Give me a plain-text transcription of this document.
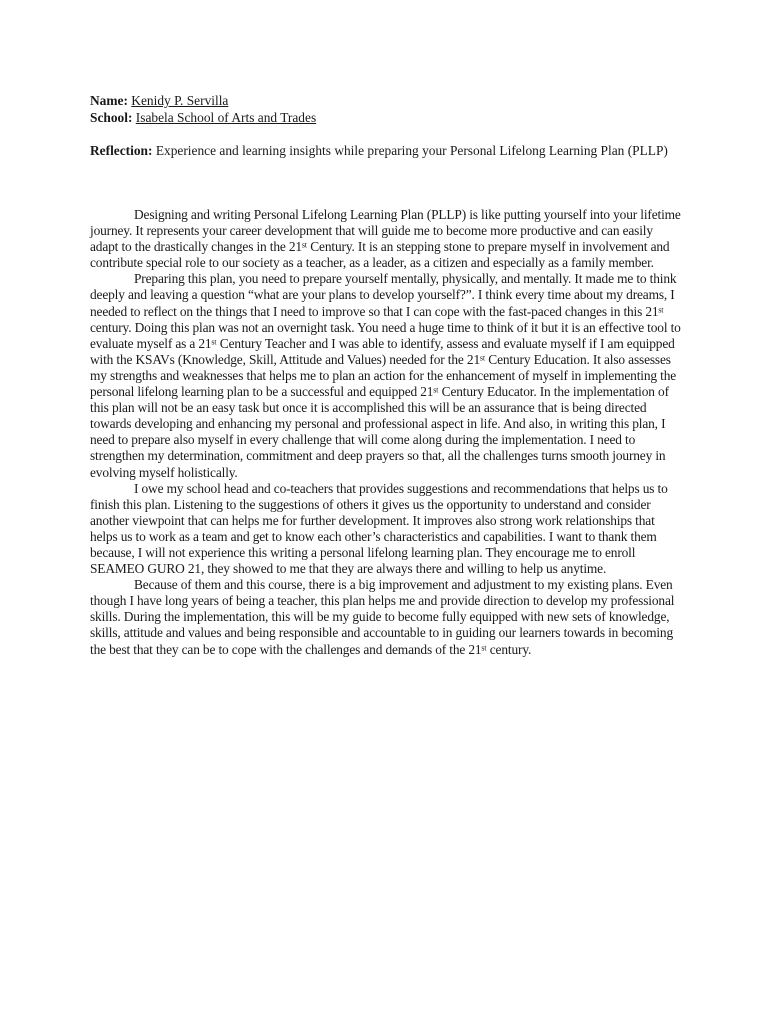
Name: Kenidy P. Servilla
School: Isabela School of Arts and Trades
Reflection: Experience and learning insights while preparing your Personal Lifelong Learning Plan (PLLP)

Designing and writing Personal Lifelong Learning Plan (PLLP) is like putting yourself into your lifetime journey. It represents your career development that will guide me to become more productive and can easily adapt to the drastically changes in the 21ˢᵗ Century. It is an stepping stone to prepare myself in involvement and contribute special role to our society as a teacher, as a leader, as a citizen and especially as a family member.

Preparing this plan, you need to prepare yourself mentally, physically, and mentally. It made me to think deeply and leaving a question “what are your plans to develop yourself?”. I think every time about my dreams, I needed to reflect on the things that I need to improve so that I can cope with the fast-paced changes in this 21ˢᵗ century. Doing this plan was not an overnight task. You need a huge time to think of it but it is an effective tool to evaluate myself as a 21ˢᵗ Century Teacher and I was able to identify, assess and evaluate myself if I am equipped with the KSAVs (Knowledge, Skill, Attitude and Values) needed for the 21ˢᵗ Century Education. It also assesses my strengths and weaknesses that helps me to plan an action for the enhancement of myself in implementing the personal lifelong learning plan to be a successful and equipped 21ˢᵗ Century Educator. In the implementation of this plan will not be an easy task but once it is accomplished this will be an assurance that is being directed towards developing and enhancing my personal and professional aspect in life. And also, in writing this plan, I need to prepare also myself in every challenge that will come along during the implementation. I need to strengthen my determination, commitment and deep prayers so that, all the challenges turns smooth journey in evolving myself holistically.

I owe my school head and co-teachers that provides suggestions and recommendations that helps us to finish this plan. Listening to the suggestions of others it gives us the opportunity to understand and consider another viewpoint that can helps me for further development. It improves also strong work relationships that helps us to work as a team and get to know each other’s characteristics and capabilities. I want to thank them because, I will not experience this writing a personal lifelong learning plan. They encourage me to enroll SEAMEO GURO 21, they showed to me that they are always there and willing to help us anytime.

Because of them and this course, there is a big improvement and adjustment to my existing plans. Even though I have long years of being a teacher, this plan helps me and provide direction to develop my professional skills. During the implementation, this will be my guide to become fully equipped with new sets of knowledge, skills, attitude and values and being responsible and accountable to in guiding our learners towards in becoming the best that they can be to cope with the challenges and demands of the 21ˢᵗ century.
